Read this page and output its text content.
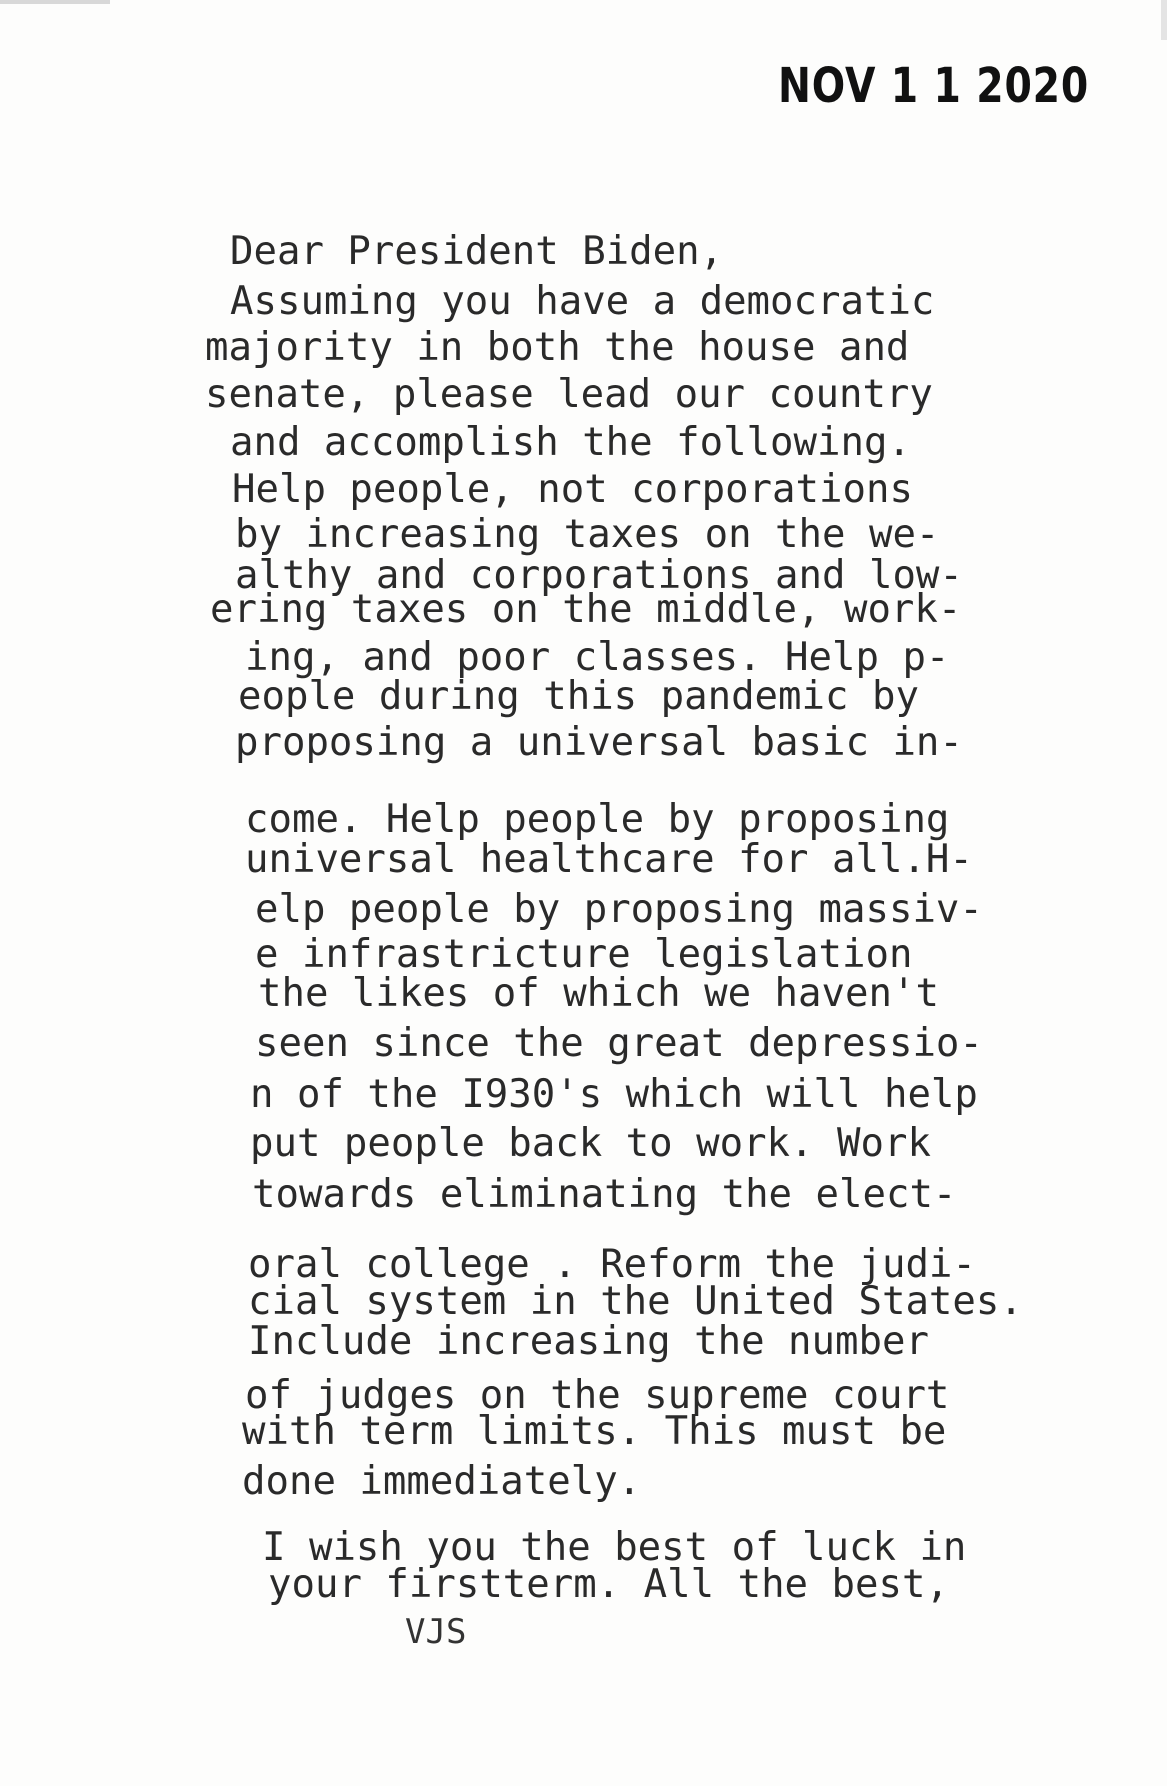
NOV 1 1 2020
Dear President Biden,
Assuming you have a democratic
majority in both the house and
senate, please lead our country
and accomplish the following.
Help people, not corporations
by increasing taxes on the we-
althy and corporations and low-
ering taxes on the middle, work-
ing, and poor classes. Help p-
eople during this pandemic by
proposing a universal basic in-
come. Help people by proposing
universal healthcare for all.H-
elp people by proposing massiv-
e infrastricture legislation
the likes of which we haven't
seen since the great depressio-
n of the I930's which will help
put people back to work. Work
towards eliminating the elect-
oral college . Reform the judi-
cial system in the United States.
Include increasing the number
of judges on the supreme court
with term limits. This must be
done immediately.
I wish you the best of luck in
your firstterm. All the best,
VJS
